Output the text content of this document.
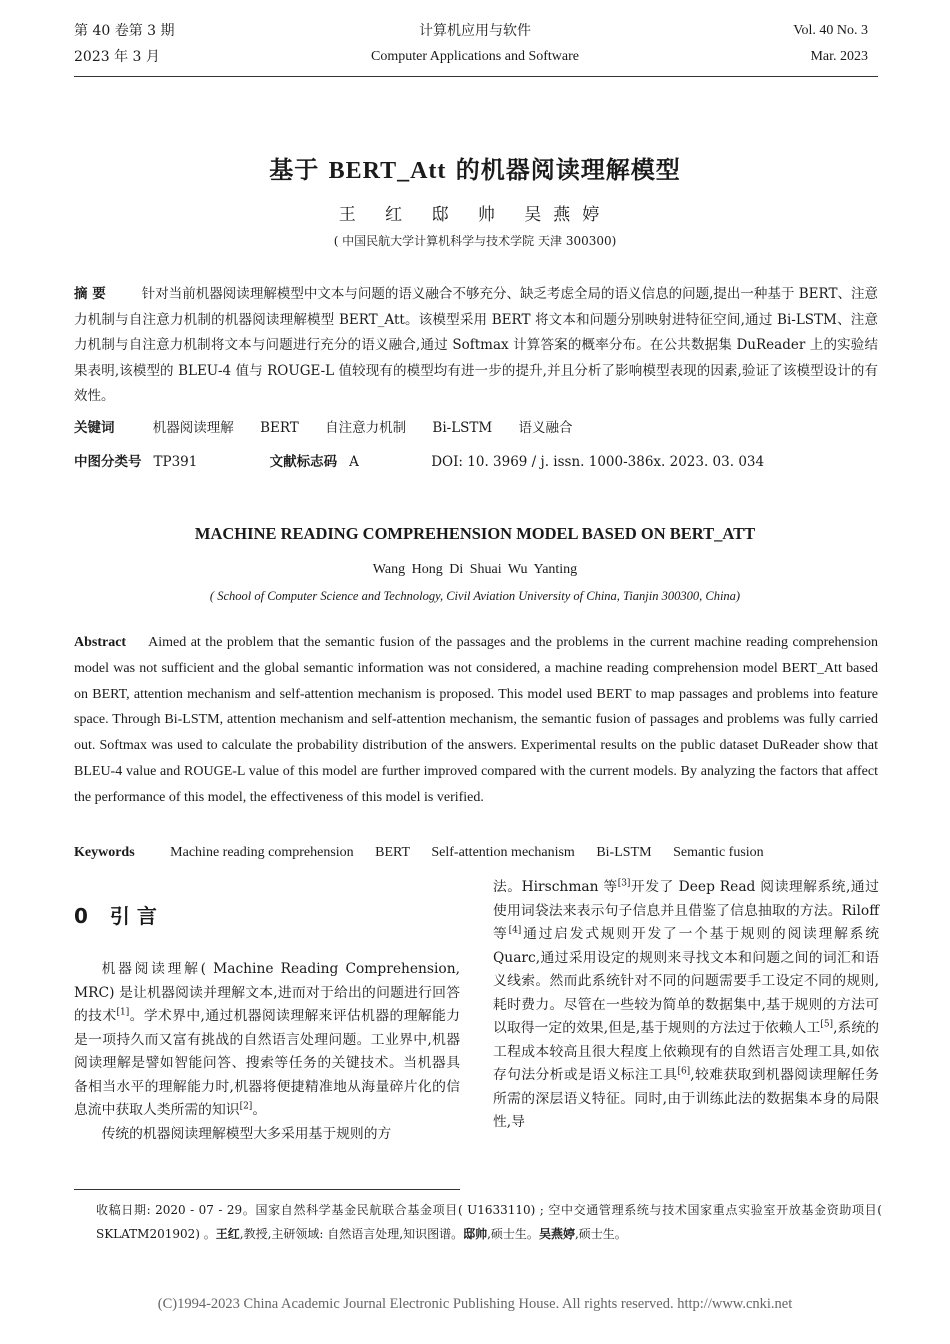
第 40 卷第 3 期
2023 年 3 月
计算机应用与软件
Computer Applications and Software
Vol. 40 No. 3
Mar. 2023
基于 BERT_Att 的机器阅读理解模型
王 红 邸 帅 吴燕婷
( 中国民航大学计算机科学与技术学院 天津 300300)
摘 要	针对当前机器阅读理解模型中文本与问题的语义融合不够充分、缺乏考虑全局的语义信息的问题,提出一种基于 BERT、注意力机制与自注意力机制的机器阅读理解模型 BERT_Att。该模型采用 BERT 将文本和问题分别映射进特征空间,通过 Bi-LSTM、注意力机制与自注意力机制将文本与问题进行充分的语义融合,通过 Softmax 计算答案的概率分布。在公共数据集 DuReader 上的实验结果表明,该模型的 BLEU-4 值与 ROUGE-L 值较现有的模型均有进一步的提升,并且分析了影响模型表现的因素,验证了该模型设计的有效性。
关键词	机器阅读理解 BERT 自注意力机制 Bi-LSTM 语义融合
中图分类号 TP391	文献标志码 A	DOI: 10. 3969 / j. issn. 1000-386x. 2023. 03. 034
MACHINE READING COMPREHENSION MODEL BASED ON BERT_ATT
Wang Hong Di Shuai Wu Yanting
( School of Computer Science and Technology, Civil Aviation University of China, Tianjin 300300, China)
Abstract Aimed at the problem that the semantic fusion of the passages and the problems in the current machine reading comprehension model was not sufficient and the global semantic information was not considered, a machine reading comprehension model BERT_Att based on BERT, attention mechanism and self-attention mechanism is proposed. This model used BERT to map passages and problems into feature space. Through Bi-LSTM, attention mechanism and self-attention mechanism, the semantic fusion of passages and problems was fully carried out. Softmax was used to calculate the probability distribution of the answers. Experimental results on the public dataset DuReader show that BLEU-4 value and ROUGE-L value of this model are further improved compared with the current models. By analyzing the factors that affect the performance of this model, the effectiveness of this model is verified.
Keywords	Machine reading comprehension BERT Self-attention mechanism Bi-LSTM Semantic fusion
0 引 言

机器阅读理解( Machine Reading Comprehension, MRC) 是让机器阅读并理解文本,进而对于给出的问题进行回答的技术[1]。学术界中,通过机器阅读理解来评估机器的理解能力是一项持久而又富有挑战的自然语言处理问题。工业界中,机器阅读理解是譬如智能问答、搜索等任务的关键技术。当机器具备相当水平的理解能力时,机器将便捷精准地从海量碎片化的信息流中获取人类所需的知识[2]。

传统的机器阅读理解模型大多采用基于规则的方

法。Hirschman 等[3]开发了 Deep Read 阅读理解系统,通过使用词袋法来表示句子信息并且借鉴了信息抽取的方法。Riloff 等[4]通过启发式规则开发了一个基于规则的阅读理解系统 Quarc,通过采用设定的规则来寻找文本和问题之间的词汇和语义线索。然而此系统针对不同的问题需要手工设定不同的规则,耗时费力。尽管在一些较为简单的数据集中,基于规则的方法可以取得一定的效果,但是,基于规则的方法过于依赖人工[5],系统的工程成本较高且很大程度上依赖现有的自然语言处理工具,如依存句法分析或是语义标注工具[6],较难获取到机器阅读理解任务所需的深层语义特征。同时,由于训练此法的数据集本身的局限性,导

收稿日期: 2020 - 07 - 29。国家自然科学基金民航联合基金项目( U1633110) ; 空中交通管理系统与技术国家重点实验室开放基金资助项目( SKLATM201902) 。王红,教授,主研领域: 自然语言处理,知识图谱。邸帅,硕士生。吴燕婷,硕士生。
(C)1994-2023 China Academic Journal Electronic Publishing House. All rights reserved. http://www.cnki.net
